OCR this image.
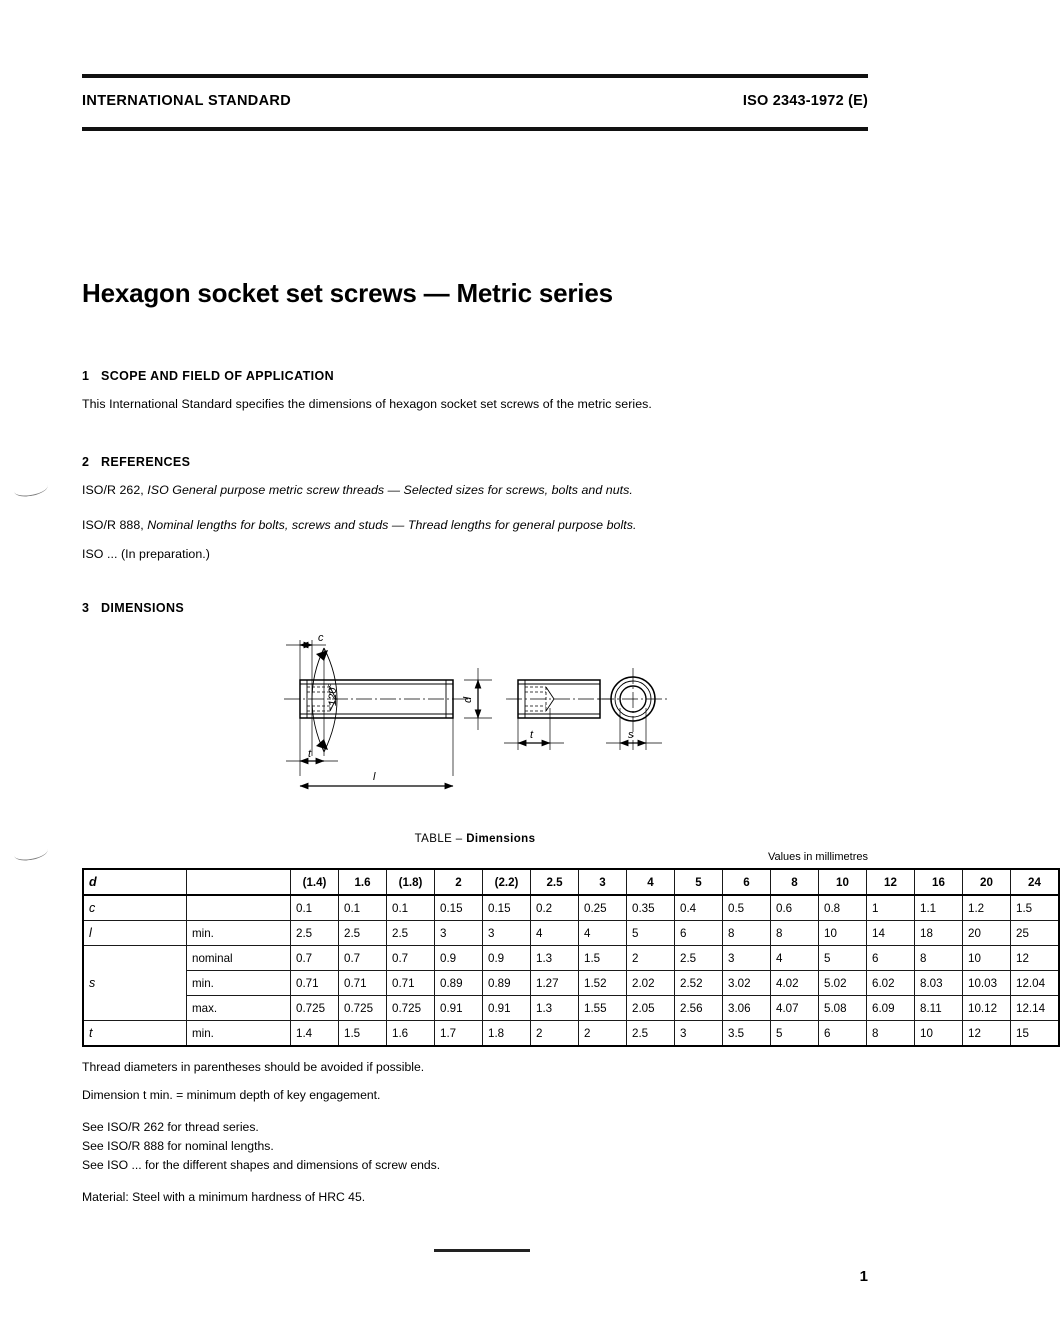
INTERNATIONAL STANDARD	ISO 2343-1972 (E)
Hexagon socket set screws — Metric series
1   SCOPE AND FIELD OF APPLICATION
This International Standard specifies the dimensions of hexagon socket set screws of the metric series.
2   REFERENCES
ISO/R 262, ISO General purpose metric screw threads — Selected sizes for screws, bolts and nuts.
ISO/R 888, Nominal lengths for bolts, screws and studs — Thread lengths for general purpose bolts.
ISO ... (In preparation.)
3   DIMENSIONS
120°
c
t
l
d
t	s
TABLE – Dimensions
Values in millimetres
d		(1.4)	1.6	(1.8)	2	(2.2)	2.5	3	4	5	6	8	10	12	16	20	24
c		0.1	0.1	0.1	0.15	0.15	0.2	0.25	0.35	0.4	0.5	0.6	0.8	1	1.1	1.2	1.5
l	min.	2.5	2.5	2.5	3	3	4	4	5	6	8	8	10	14	18	20	25
	nominal	0.7	0.7	0.7	0.9	0.9	1.3	1.5	2	2.5	3	4	5	6	8	10	12
s	min.	0.71	0.71	0.71	0.89	0.89	1.27	1.52	2.02	2.52	3.02	4.02	5.02	6.02	8.03	10.03	12.04
	max.	0.725	0.725	0.725	0.91	0.91	1.3	1.55	2.05	2.56	3.06	4.07	5.08	6.09	8.11	10.12	12.14
t	min.	1.4	1.5	1.6	1.7	1.8	2	2	2.5	3	3.5	5	6	8	10	12	15
Thread diameters in parentheses should be avoided if possible.
Dimension t min. = minimum depth of key engagement.
See ISO/R 262 for thread series.
See ISO/R 888 for nominal lengths.
See ISO ... for the different shapes and dimensions of screw ends.
Material: Steel with a minimum hardness of HRC 45.
1
